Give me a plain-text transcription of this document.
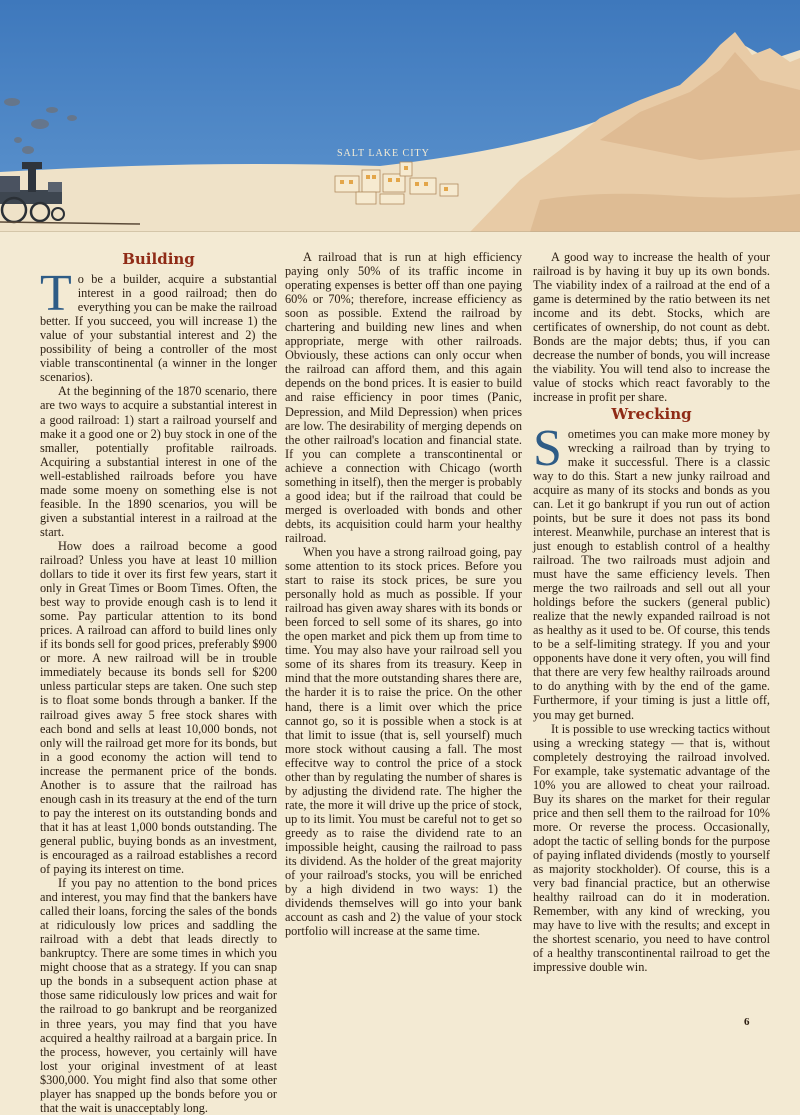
SALT LAKE CITY
Building

To be a builder, acquire a substantial interest in a good railroad; then do everything you can be make the railroad better. If you succeed, you will increase 1) the value of your substantial interest and 2) the possibility of being a controller of the most viable transcontinental (a winner in the longer scenarios).

At the beginning of the 1870 scenario, there are two ways to acquire a substantial interest in a good railroad: 1) start a railroad yourself and make it a good one or 2) buy stock in one of the smaller, potentially profitable railroads. Acquiring a substantial interest in one of the well-established railroads before you have made some moeny on something else is not feasible. In the 1890 scenarios, you will be given a substantial interest in a railroad at the start.

How does a railroad become a good railroad? Unless you have at least 10 million dollars to tide it over its first few years, start it only in Great Times or Boom Times. Often, the best way to provide enough cash is to lend it some. Pay particular attention to its bond prices. A railroad can afford to build lines only if its bonds sell for good prices, preferably $900 or more. A new railroad will be in trouble immediately because its bonds sell for $200 unless particular steps are taken. One such step is to float some bonds through a banker. If the railroad gives away 5 free stock shares with each bond and sells at least 10,000 bonds, not only will the railroad get more for its bonds, but in a good economy the action will tend to increase the permanent price of the bonds. Another is to assure that the railroad has enough cash in its treasury at the end of the turn to pay the interest on its outstanding bonds and that it has at least 1,000 bonds outstanding. The general public, buying bonds as an investment, is encouraged as a railroad establishes a record of paying its interest on time.

If you pay no attention to the bond prices and interest, you may find that the bankers have called their loans, forcing the sales of the bonds at ridiculously low prices and saddling the railroad with a debt that leads directly to bankruptcy. There are some times in which you might choose that as a strategy. If you can snap up the bonds in a subsequent action phase at those same ridiculously low prices and wait for the railroad to go bankrupt and be reorganized in three years, you may find that you have acquired a healthy railroad at a bargain price. In the process, however, you certainly will have lost your original investment of at least $300,000. You might find also that some other player has snapped up the bonds before you or that the wait is unacceptably long.

A railroad that is run at high efficiency paying only 50% of its traffic income in operating expenses is better off than one paying 60% or 70%; therefore, increase efficiency as soon as possible. Extend the railroad by chartering and building new lines and when appropriate, merge with other railroads. Obviously, these actions can only occur when the railroad can afford them, and this again depends on the bond prices. It is easier to build and raise efficiency in poor times (Panic, Depression, and Mild Depression) when prices are low. The desirability of merging depends on the other railroad's location and financial state. If you can complete a transcontinental or achieve a connection with Chicago (worth something in itself), then the merger is probably a good idea; but if the railroad that could be merged is overloaded with bonds and other debts, its acquisition could harm your healthy railroad.

When you have a strong railroad going, pay some attention to its stock prices. Before you start to raise its stock prices, be sure you personally hold as much as possible. If your railroad has given away shares with its bonds or been forced to sell some of its shares, go into the open market and pick them up from time to time. You may also have your railroad sell you some of its shares from its treasury. Keep in mind that the more outstanding shares there are, the harder it is to raise the price. On the other hand, there is a limit over which the price cannot go, so it is possible when a stock is at that limit to issue (that is, sell yourself) much more stock without causing a fall. The most effecitve way to control the price of a stock other than by regulating the number of shares is by adjusting the dividend rate. The higher the rate, the more it will drive up the price of stock, up to its limit. You must be careful not to get so greedy as to raise the dividend rate to an impossible height, causing the railroad to pass its dividend. As the holder of the great majority of your railroad's stocks, you will be enriched by a high dividend in two ways: 1) the dividends themselves will go into your bank account as cash and 2) the value of your stock portfolio will increase at the same time.

A good way to increase the health of your railroad is by having it buy up its own bonds. The viability index of a railroad at the end of a game is determined by the ratio between its net income and its debt. Stocks, which are certificates of ownership, do not count as debt. Bonds are the major debts; thus, if you can decrease the number of bonds, you will increase the viability. You will tend also to increase the value of stocks which react favorably to the increase in profit per share.

Wrecking

Sometimes you can make more money by wrecking a railroad than by trying to make it successful. There is a classic way to do this. Start a new junky railroad and acquire as many of its stocks and bonds as you can. Let it go bankrupt if you run out of action points, but be sure it does not pass its bond interest. Meanwhile, purchase an interest that is just enough to establish control of a healthy railroad. The two railroads must adjoin and must have the same efficiency levels. Then merge the two railroads and sell out all your holdings before the suckers (general public) realize that the newly expanded railroad is not as healthy as it used to be. Of course, this tends to be a self-limiting strategy. If you and your opponents have done it very often, you will find that there are very few healthy railroads around to do anything with by the end of the game. Furthermore, if your timing is just a little off, you may get burned.

It is possible to use wrecking tactics without using a wrecking stategy — that is, without completely destroying the railroad involved. For example, take systematic advantage of the 10% you are allowed to cheat your railroad. Buy its shares on the market for their regular price and then sell them to the railroad for 10% more. Or reverse the process. Occasionally, adopt the tactic of selling bonds for the purpose of paying inflated dividends (mostly to yourself as majority stockholder). Of course, this is a very bad financial practice, but an otherwise healthy railroad can do it in moderation. Remember, with any kind of wrecking, you may have to live with the results; and except in the shortest scenario, you need to have control of a healthy transcontinental railroad to get the impressive double win.

6
